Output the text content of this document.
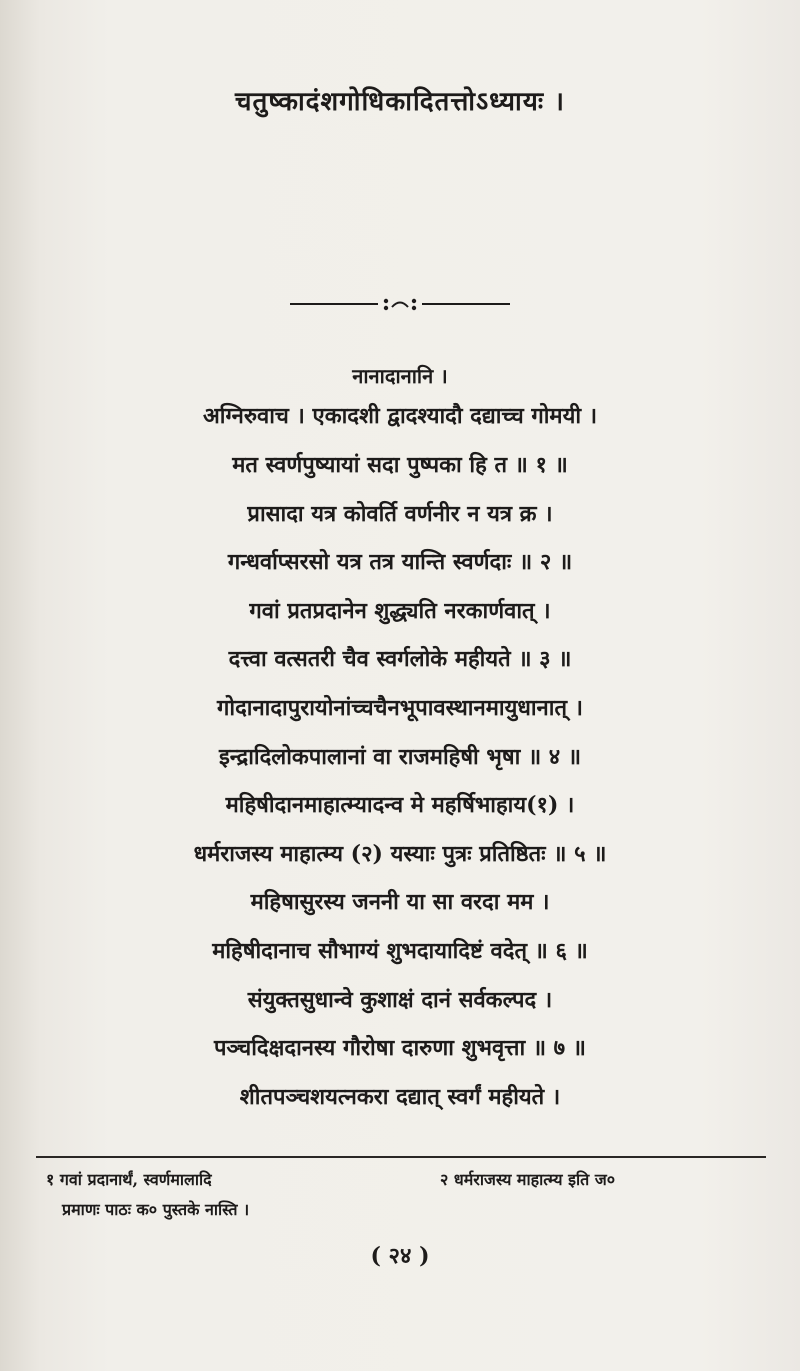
चतुष्कादंशगोधिकादितत्तोऽध्यायः ।
नानादानानि ।
अग्निरुवाच । एकादशी द्वादश्यादौ दद्याच्च गोमयी ।
मत स्वर्णपुष्यायां सदा पुष्पका हि त ॥ १ ॥
प्रासादा यत्र कोवर्ति वर्णनीर न यत्र क्र ।
गन्धर्वाप्सरसो यत्र तत्र यान्ति स्वर्णदाः ॥ २ ॥
गवां प्रतप्रदानेन शुद्ध्यति नरकार्णवात् ।
दत्त्वा वत्सतरी चैव स्वर्गलोके महीयते ॥ ३ ॥
गोदानादापुरायोनांच्चचैनभूपावस्थानमायुधानात् ।
इन्द्रादिलोकपालानां वा राजमहिषी भृषा ॥ ४ ॥
महिषीदानमाहात्म्यादन्व मे महर्षिभाहाय(१) ।
धर्मराजस्य माहात्म्य (२) यस्याः पुत्रः प्रतिष्ठितः ॥ ५ ॥
महिषासुरस्य जननी या सा वरदा मम ।
महिषीदानाच सौभाग्यं शुभदायादिष्टं वदेत् ॥ ६ ॥
संयुक्तसुधान्वे कुशाक्षं दानं सर्वकल्पद ।
पञ्चदिक्षदानस्य गौरोषा दारुणा शुभवृत्ता ॥ ७ ॥
शीतपञ्चशयत्नकरा दद्यात्‌ स्वर्गं महीयते ।
१ गवां प्रदानार्थं, स्वर्णमालादि	२ धर्मराजस्य माहात्म्य इति ज०
प्रमाणः पाठः क० पुस्तके नास्ति ।
( २४ )
